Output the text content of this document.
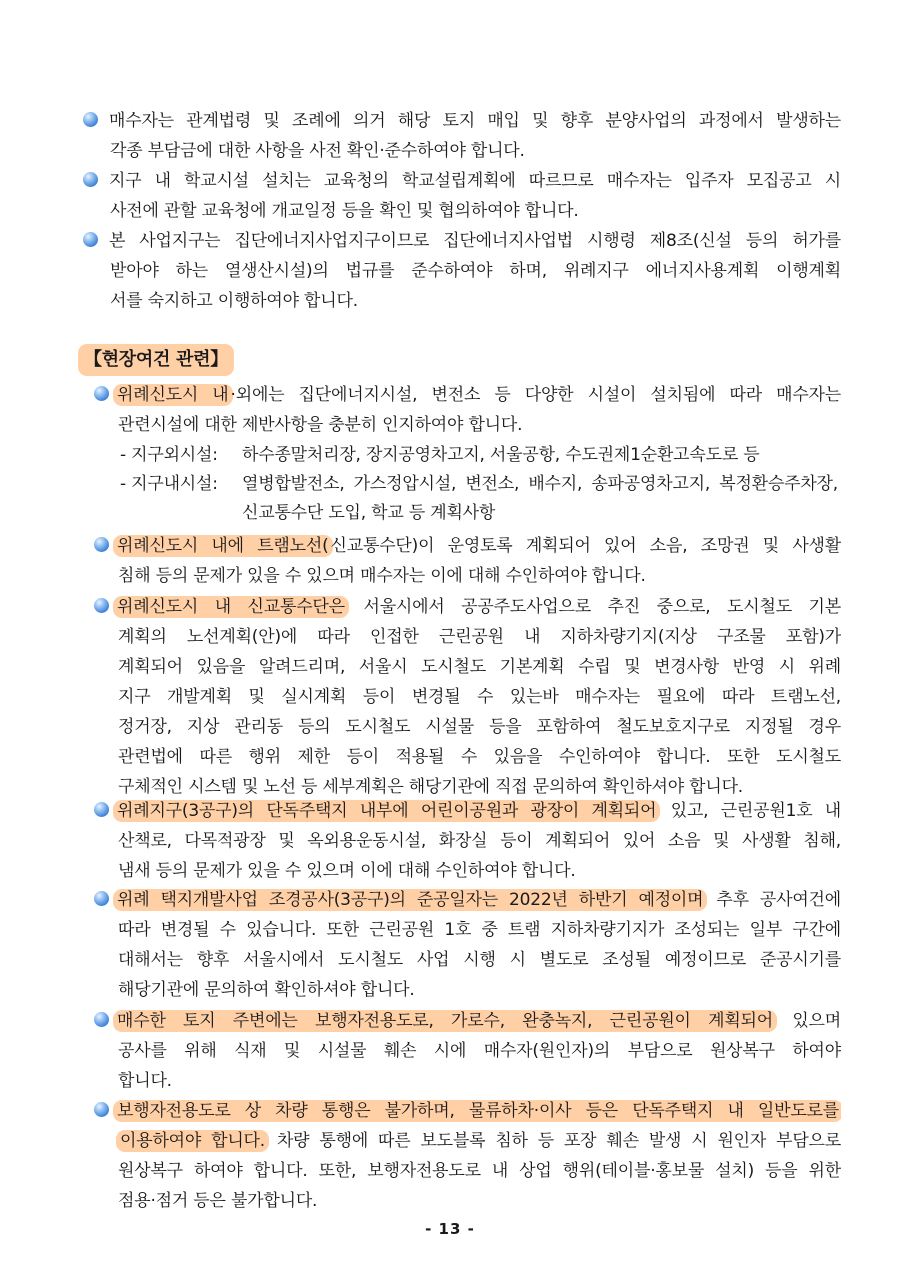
매수자는 관계법령 및 조례에 의거 해당 토지 매입 및 향후 분양사업의 과정에서 발생하는
각종 부담금에 대한 사항을 사전 확인·준수하여야 합니다.
지구 내 학교시설 설치는 교육청의 학교설립계획에 따르므로 매수자는 입주자 모집공고 시
사전에 관할 교육청에 개교일정 등을 확인 및 협의하여야 합니다.
본 사업지구는 집단에너지사업지구이므로 집단에너지사업법 시행령 제8조(신설 등의 허가를
받아야 하는 열생산시설)의 법규를 준수하여야 하며, 위례지구 에너지사용계획 이행계획
서를 숙지하고 이행하여야 합니다.
【현장여건 관련】
위례신도시 내 ·외에는 집단에너지시설, 변전소 등 다양한 시설이 설치됨에 따라 매수자는
관련시설에 대한 제반사항을 충분히 인지하여야 합니다.
- 지구외시설: 하수종말처리장, 장지공영차고지, 서울공항, 수도권제1순환고속도로 등
- 지구내시설: 열병합발전소, 가스정압시설, 변전소, 배수지, 송파공영차고지, 복정환승주차장,
신교통수단 도입, 학교 등 계획사항
위례신도시 내에 트램노선( 신교통수단)이 운영토록 계획되어 있어 소음, 조망권 및 사생활
침해 등의 문제가 있을 수 있으며 매수자는 이에 대해 수인하여야 합니다.
위례신도시 내 신교통수단은 서울시에서 공공주도사업으로 추진 중으로, 도시철도 기본
계획의 노선계획(안)에 따라 인접한 근린공원 내 지하차량기지(지상 구조물 포함)가
계획되어 있음을 알려드리며, 서울시 도시철도 기본계획 수립 및 변경사항 반영 시 위례
지구 개발계획 및 실시계획 등이 변경될 수 있는바 매수자는 필요에 따라 트램노선,
정거장, 지상 관리동 등의 도시철도 시설물 등을 포함하여 철도보호지구로 지정될 경우
관련법에 따른 행위 제한 등이 적용될 수 있음을 수인하여야 합니다. 또한 도시철도
구체적인 시스템 및 노선 등 세부계획은 해당기관에 직접 문의하여 확인하셔야 합니다.
위례지구(3공구)의 단독주택지 내부에 어린이공원과 광장이 계획되어 있고, 근린공원1호 내
산책로, 다목적광장 및 옥외용운동시설, 화장실 등이 계획되어 있어 소음 및 사생활 침해,
냄새 등의 문제가 있을 수 있으며 이에 대해 수인하여야 합니다.
위례 택지개발사업 조경공사(3공구)의 준공일자는 2022년 하반기 예정이며 추후 공사여건에
따라 변경될 수 있습니다. 또한 근린공원 1호 중 트램 지하차량기지가 조성되는 일부 구간에
대해서는 향후 서울시에서 도시철도 사업 시행 시 별도로 조성될 예정이므로 준공시기를
해당기관에 문의하여 확인하셔야 합니다.
매수한 토지 주변에는 보행자전용도로, 가로수, 완충녹지, 근린공원이 계획되어 있으며
공사를 위해 식재 및 시설물 훼손 시에 매수자(원인자)의 부담으로 원상복구 하여야
합니다.
보행자전용도로 상 차량 통행은 불가하며, 물류하차·이사 등은 단독주택지 내 일반도로를
이용하여야 합니다. 차량 통행에 따른 보도블록 침하 등 포장 훼손 발생 시 원인자 부담으로
원상복구 하여야 합니다. 또한, 보행자전용도로 내 상업 행위(테이블·홍보물 설치) 등을 위한
점용·점거 등은 불가합니다.
- 13 -
